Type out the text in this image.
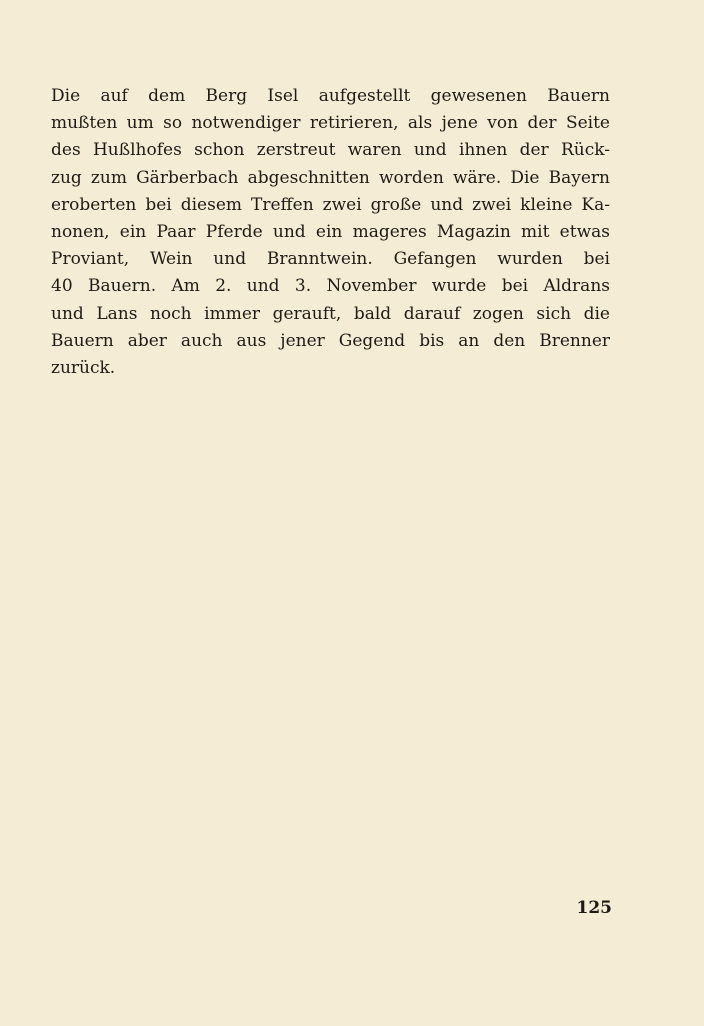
Die auf dem Berg Isel aufgestellt gewesenen Bauern
mußten um so notwendiger retirieren, als jene von der Seite
des Hußlhofes schon zerstreut waren und ihnen der Rück-
zug zum Gärberbach abgeschnitten worden wäre. Die Bayern
eroberten bei diesem Treffen zwei große und zwei kleine Ka-
nonen, ein Paar Pferde und ein mageres Magazin mit etwas
Proviant, Wein und Branntwein. Gefangen wurden bei
40 Bauern. Am 2. und 3. November wurde bei Aldrans
und Lans noch immer gerauft, bald darauf zogen sich die
Bauern aber auch aus jener Gegend bis an den Brenner
zurück.
125
